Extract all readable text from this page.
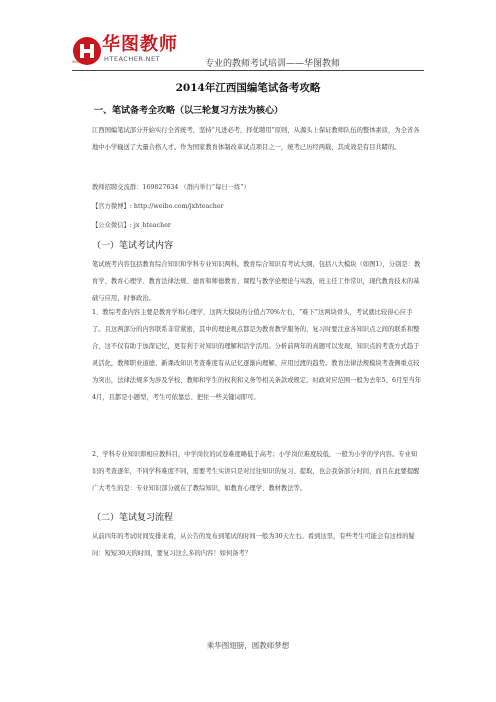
华图教师
HTEACHER.NET
Since 2001	专业的教师考试培训——华图教师
2014年江西国编笔试备考攻略
一、笔试备考全攻略（以三轮复习方法为核心）
江西国编笔试部分开始实行全省统考，坚持“凡进必考，择优聘用”原则，从源头上保证教师队伍的整体素质，为全省各地中小学输送了大量合格人才。作为国家教育体制改革试点项目之一，统考已历经两载，其成效是有目共睹的。
教师招聘交流群：169827634 （群内举行“每日一练”）
【官方微博】: http://weibo.com/jxhteacher
【公众微信】: jx_hteacher
（一）笔试考试内容
笔试统考内容包括教育综合知识和学科专业知识两科。教育综合知识有考试大纲，包括八大模块（如图1），分别是：教育学、教育心理学、教育法律法规、德育和师德教育、课程与教学论理论与实践，班主任工作常识，现代教育技术的基础与应用，时事政治。
1、教综考查内容主要是教育学和心理学，这两大模块的分值占70%左右，“难下”这两块骨头，考试就比较得心应手了。且这两部分的内容联系非常紧密，其中的理论观点都是为教育教学服务的，复习时要注意各知识点之间的联系和整合，这不仅有助于加深记忆，更有利于对知识的理解和活学活用。分析前两年的真题可以发现，知识点的考查方式趋于灵活化，教师职业道德、新课改知识考查难度有从记忆逐渐向理解、应用过渡的趋势。教育法律法规模块考查侧重点较为突出，法律法规多为涉及学校、教师和学生的权利和义务等相关条款或规定。时政对应范围一般为去年5、6月至当年4月，且都是小题型，考生可依靠总、把住一些关键词即可。
2、学科专业知识即相应教科目，中学岗位的试卷难度略低于高考；小学岗位难度较低，一般为小学的学内容。专业知识的考查逐年，不同学科难度不同，需要考生实讲只是对过往知识的复习、提取，也会我备部分时间，而且在此要提醒广大考生的是：专业知识部分就在了教综知识，如教育心理学、教材教法等。
（二）笔试复习流程
从前四年的考试时间安排来看，从公告的发布到笔试的时间一般为30天左右。看到这里，有些考生可能会有这样的疑问：短短30天的时间，要复习这么多的内容！如何备考？
乘华图翅膀，圆教师梦想
